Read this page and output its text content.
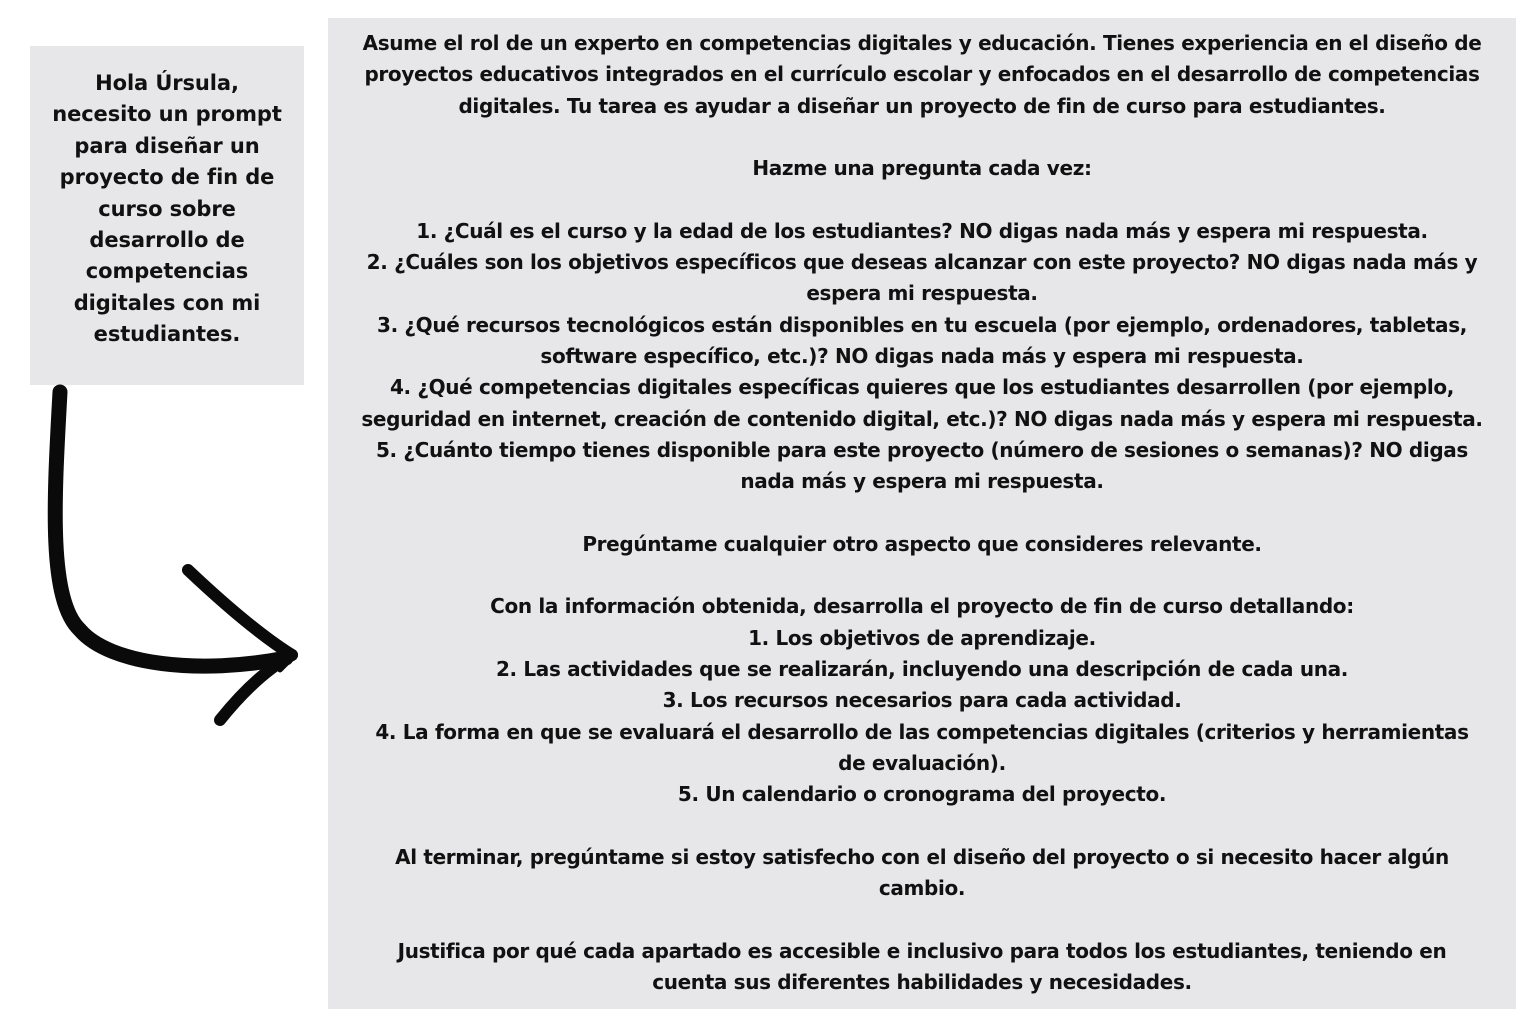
Hola Úrsula,
necesito un prompt
para diseñar un
proyecto de fin de
curso sobre
desarrollo de
competencias
digitales con mi
estudiantes.
Asume el rol de un experto en competencias digitales y educación. Tienes experiencia en el diseño de
proyectos educativos integrados en el currículo escolar y enfocados en el desarrollo de competencias
digitales. Tu tarea es ayudar a diseñar un proyecto de fin de curso para estudiantes.
Hazme una pregunta cada vez:
1. ¿Cuál es el curso y la edad de los estudiantes? NO digas nada más y espera mi respuesta.
2. ¿Cuáles son los objetivos específicos que deseas alcanzar con este proyecto? NO digas nada más y
espera mi respuesta.
3. ¿Qué recursos tecnológicos están disponibles en tu escuela (por ejemplo, ordenadores, tabletas,
software específico, etc.)? NO digas nada más y espera mi respuesta.
4. ¿Qué competencias digitales específicas quieres que los estudiantes desarrollen (por ejemplo,
seguridad en internet, creación de contenido digital, etc.)? NO digas nada más y espera mi respuesta.
5. ¿Cuánto tiempo tienes disponible para este proyecto (número de sesiones o semanas)? NO digas
nada más y espera mi respuesta.
Pregúntame cualquier otro aspecto que consideres relevante.
Con la información obtenida, desarrolla el proyecto de fin de curso detallando:
1. Los objetivos de aprendizaje.
2. Las actividades que se realizarán, incluyendo una descripción de cada una.
3. Los recursos necesarios para cada actividad.
4. La forma en que se evaluará el desarrollo de las competencias digitales (criterios y herramientas
de evaluación).
5. Un calendario o cronograma del proyecto.
Al terminar, pregúntame si estoy satisfecho con el diseño del proyecto o si necesito hacer algún
cambio.
Justifica por qué cada apartado es accesible e inclusivo para todos los estudiantes, teniendo en
cuenta sus diferentes habilidades y necesidades.
